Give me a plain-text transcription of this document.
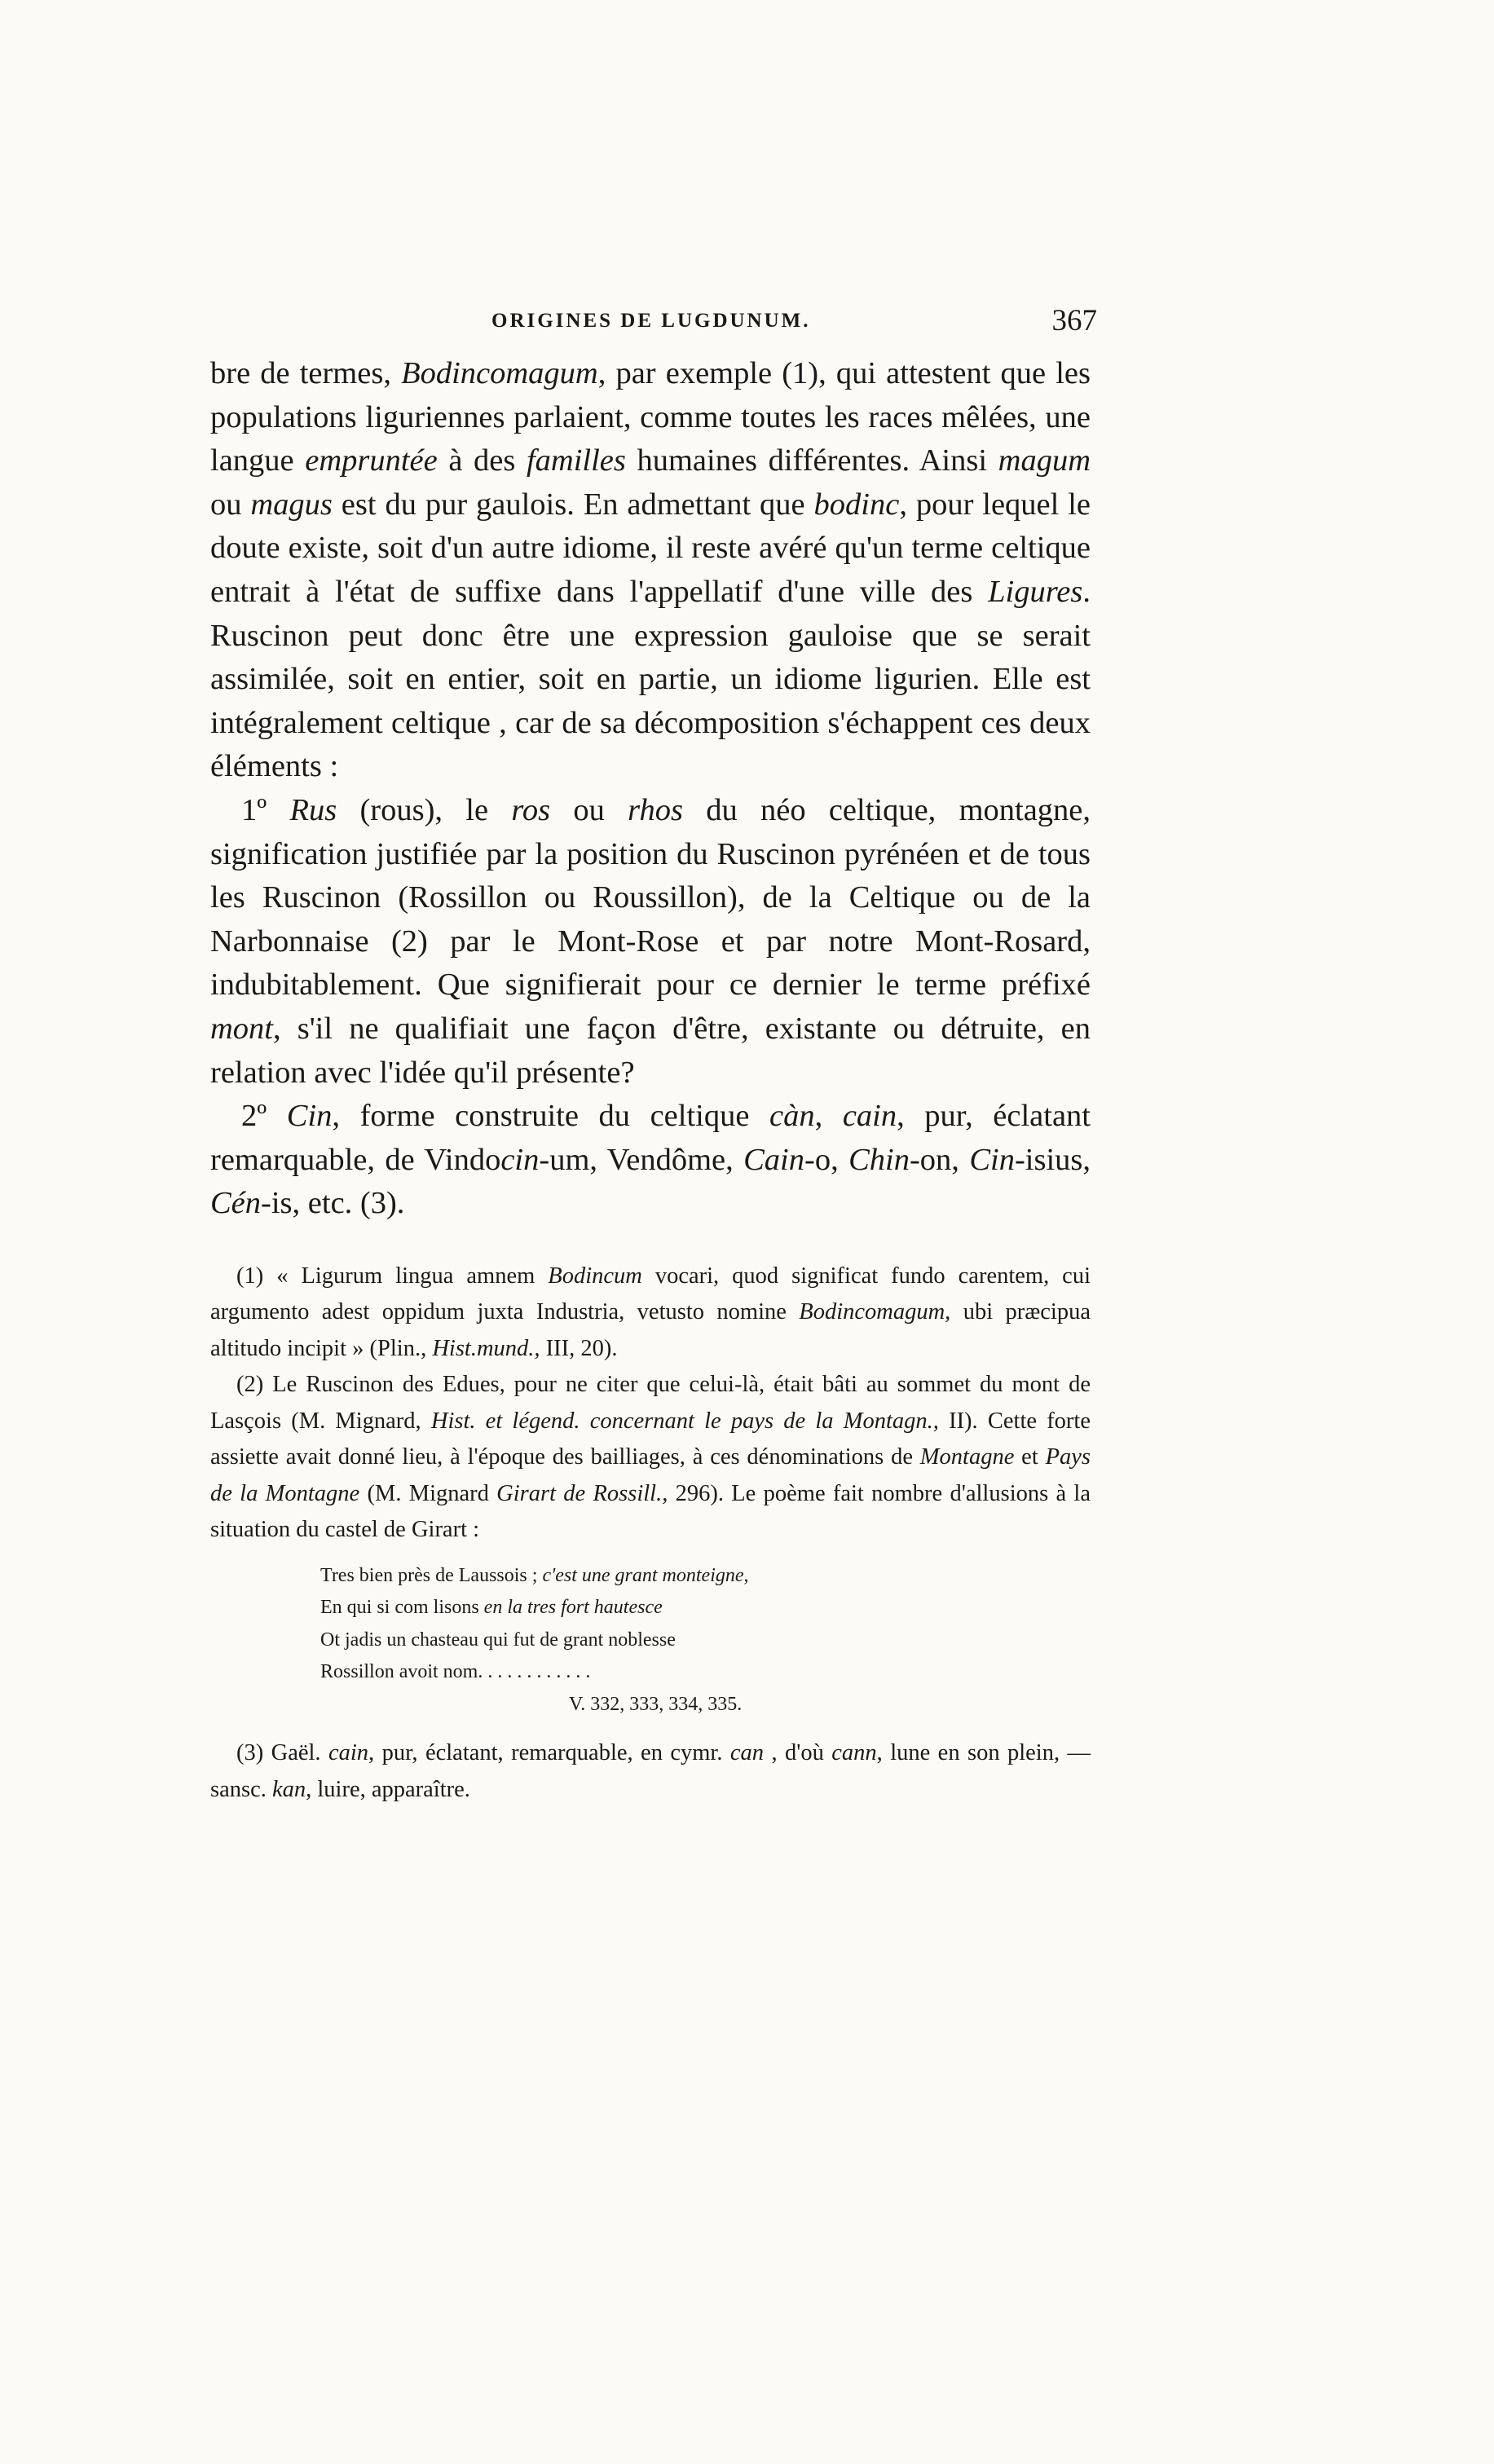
ORIGINES DE LUGDUNUM.	367

bre de termes, Bodincomagum, par exemple (1), qui attestent que les populations liguriennes parlaient, comme toutes les races mêlées, une langue empruntée à des familles humaines différentes. Ainsi magum ou magus est du pur gaulois. En admettant que bodinc, pour lequel le doute existe, soit d'un autre idiome, il reste avéré qu'un terme celtique entrait à l'état de suffixe dans l'appellatif d'une ville des Ligures. Ruscinon peut donc être une expression gauloise que se serait assimilée, soit en entier, soit en partie, un idiome ligurien. Elle est intégralement celtique , car de sa décomposition s'échappent ces deux éléments :

1º Rus (rous), le ros ou rhos du néo celtique, montagne, signification justifiée par la position du Ruscinon pyrénéen et de tous les Ruscinon (Rossillon ou Roussillon), de la Celtique ou de la Narbonnaise (2) par le Mont-Rose et par notre Mont-Rosard, indubitablement. Que signifierait pour ce dernier le terme préfixé mont, s'il ne qualifiait une façon d'être, existante ou détruite, en relation avec l'idée qu'il présente?

2º Cin, forme construite du celtique càn, cain, pur, éclatant remarquable, de Vindocin-um, Vendôme, Cain-o, Chin-on, Cin-isius, Cén-is, etc. (3).

(1) « Ligurum lingua amnem Bodincum vocari, quod significat fundo carentem, cui argumento adest oppidum juxta Industria, vetusto nomine Bodincomagum, ubi præcipua altitudo incipit » (Plin., Hist.mund., III, 20).

(2) Le Ruscinon des Edues, pour ne citer que celui-là, était bâti au sommet du mont de Lasçois (M. Mignard, Hist. et légend. concernant le pays de la Montagn., II). Cette forte assiette avait donné lieu, à l'époque des bailliages, à ces dénominations de Montagne et Pays de la Montagne (M. Mignard Girart de Rossill., 296). Le poème fait nombre d'allusions à la situation du castel de Girart :

Tres bien près de Laussois ; c'est une grant monteigne,
En qui si com lisons en la tres fort hautesce
Ot jadis un chasteau qui fut de grant noblesse
Rossillon avoit nom. . . . . . . . . . . .
V. 332, 333, 334, 335.

(3) Gaël. cain, pur, éclatant, remarquable, en cymr. can , d'où cann, lune en son plein, — sansc. kan, luire, apparaître.
